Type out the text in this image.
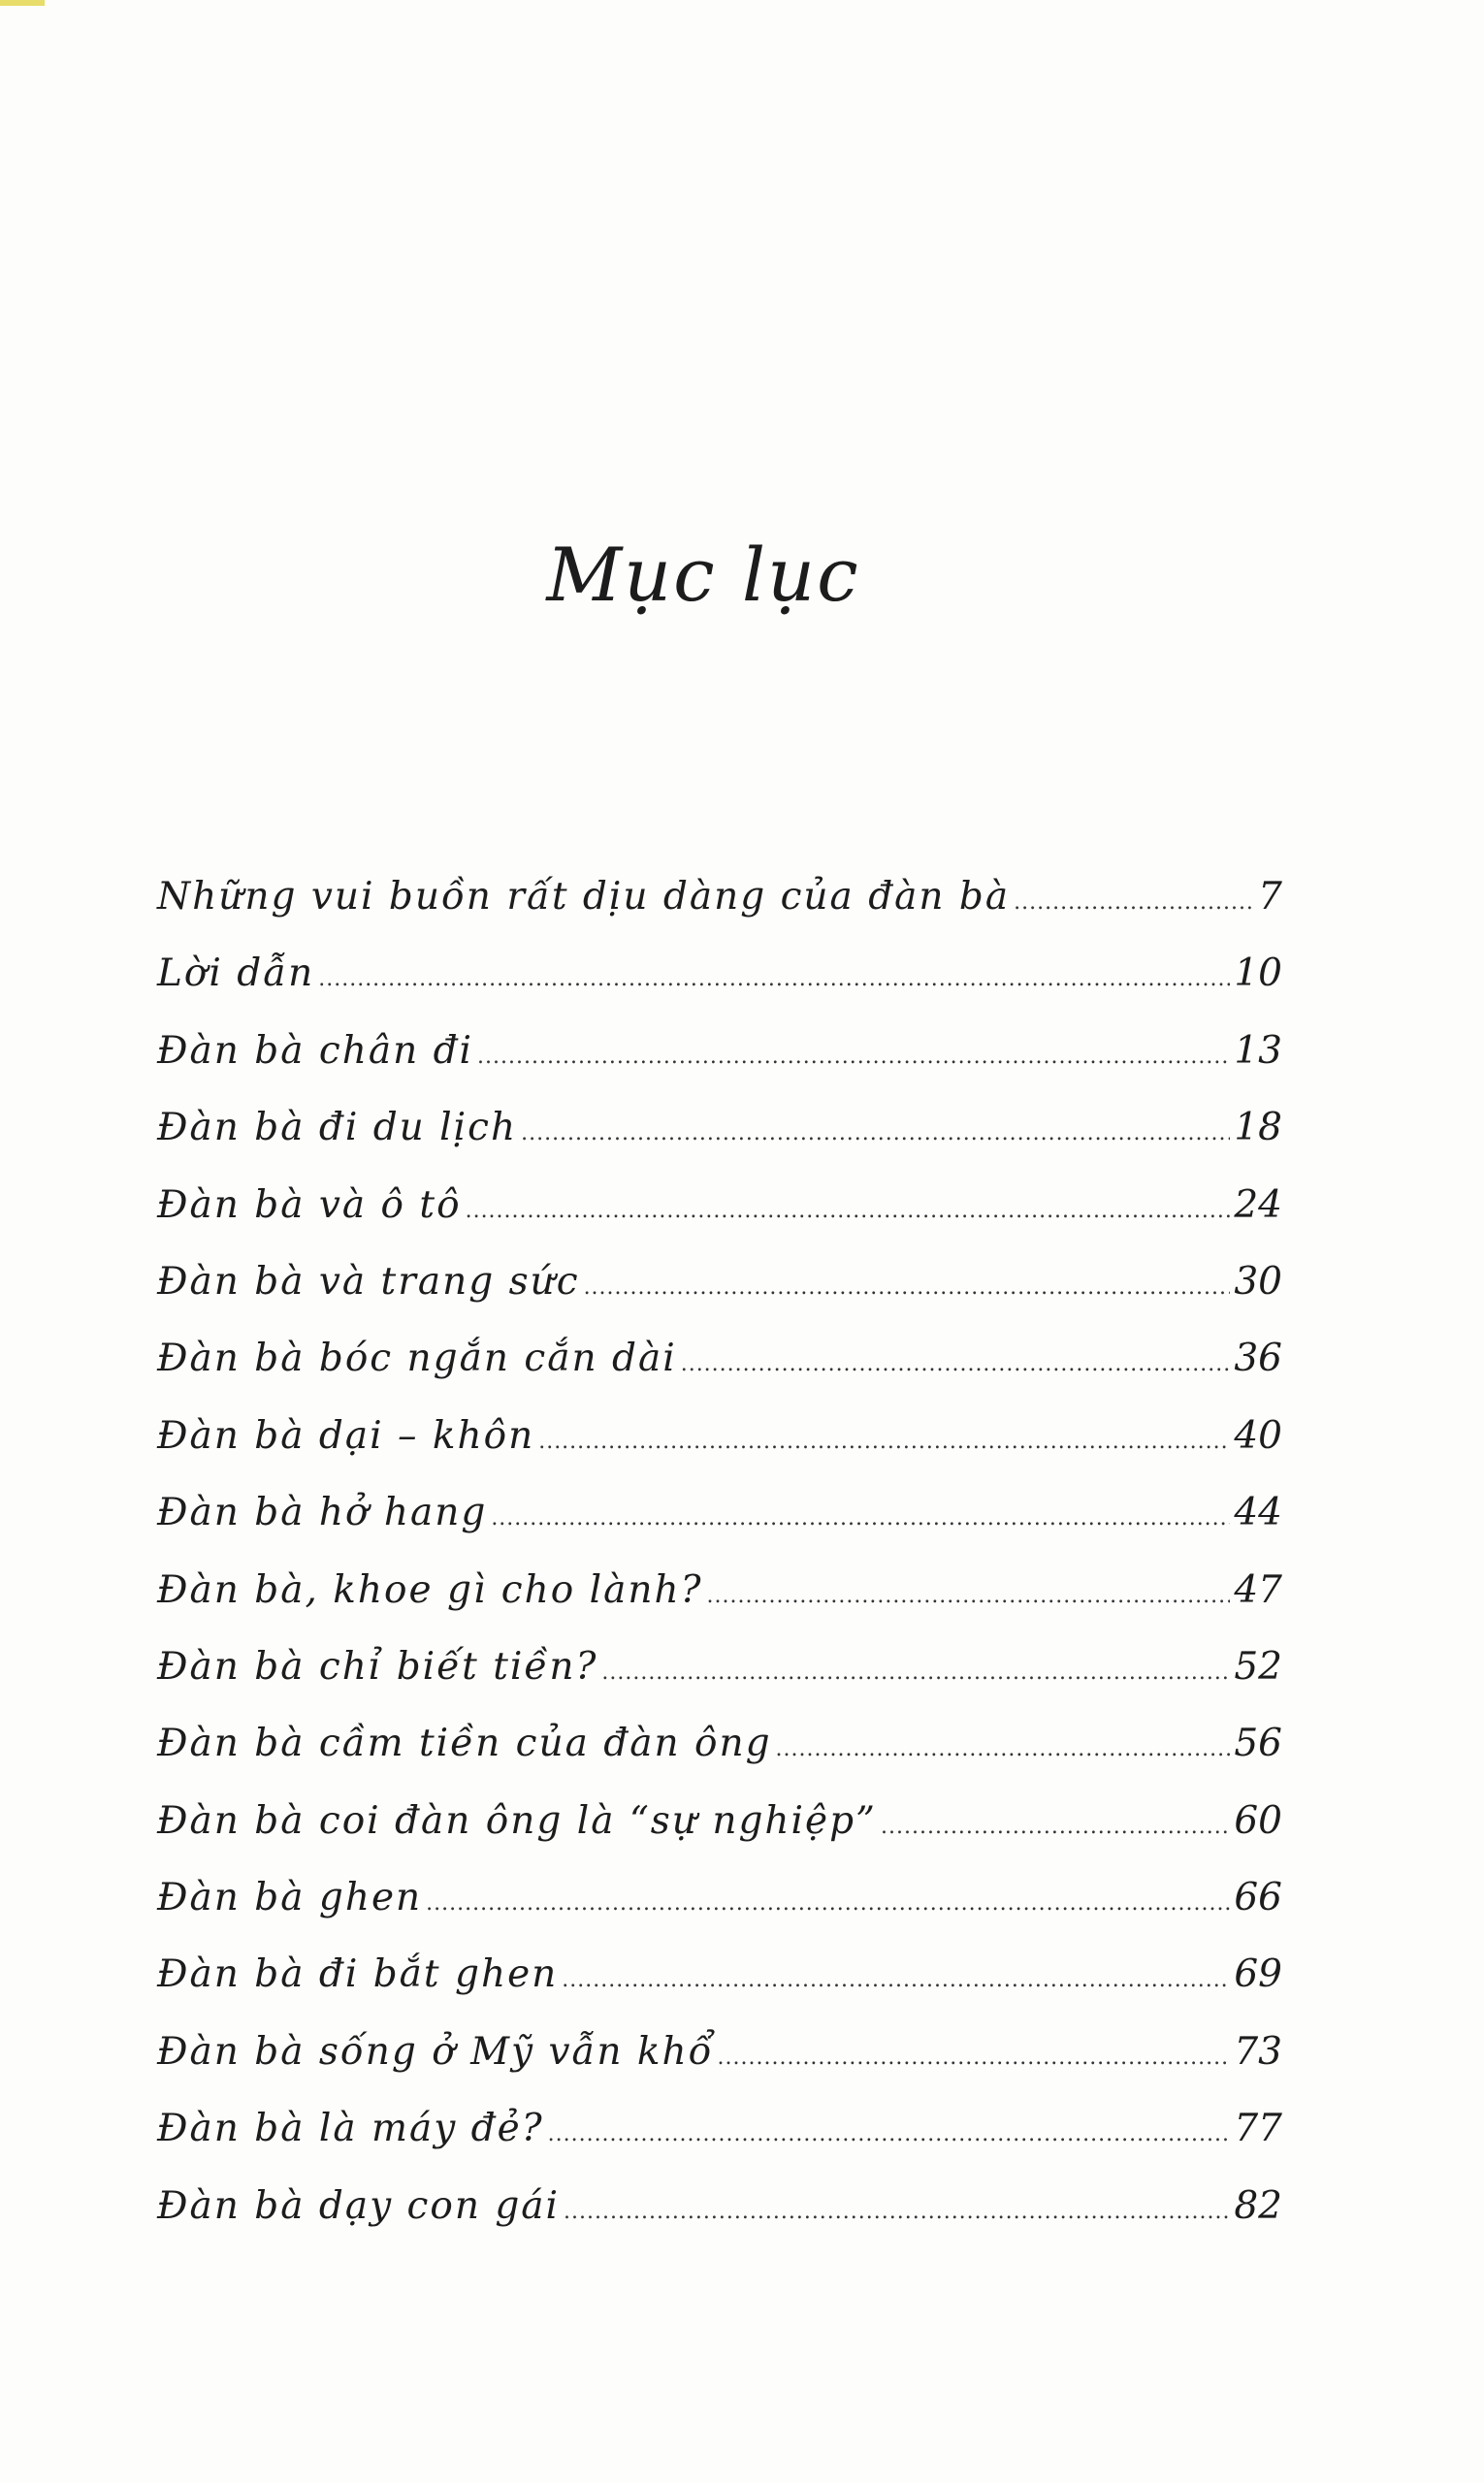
Mục lục
Những vui buồn rất dịu dàng của đàn bà .....	7
Lời dẫn .....	10
Đàn bà chân đi .....	13
Đàn bà đi du lịch .....	18
Đàn bà và ô tô .....	24
Đàn bà và trang sức .....	30
Đàn bà bóc ngắn cắn dài .....	36
Đàn bà dại – khôn .....	40
Đàn bà hở hang .....	44
Đàn bà, khoe gì cho lành? .....	47
Đàn bà chỉ biết tiền? .....	52
Đàn bà cầm tiền của đàn ông .....	56
Đàn bà coi đàn ông là “sự nghiệp” .....	60
Đàn bà ghen .....	66
Đàn bà đi bắt ghen .....	69
Đàn bà sống ở Mỹ vẫn khổ .....	73
Đàn bà là máy đẻ? .....	77
Đàn bà dạy con gái .....	82
